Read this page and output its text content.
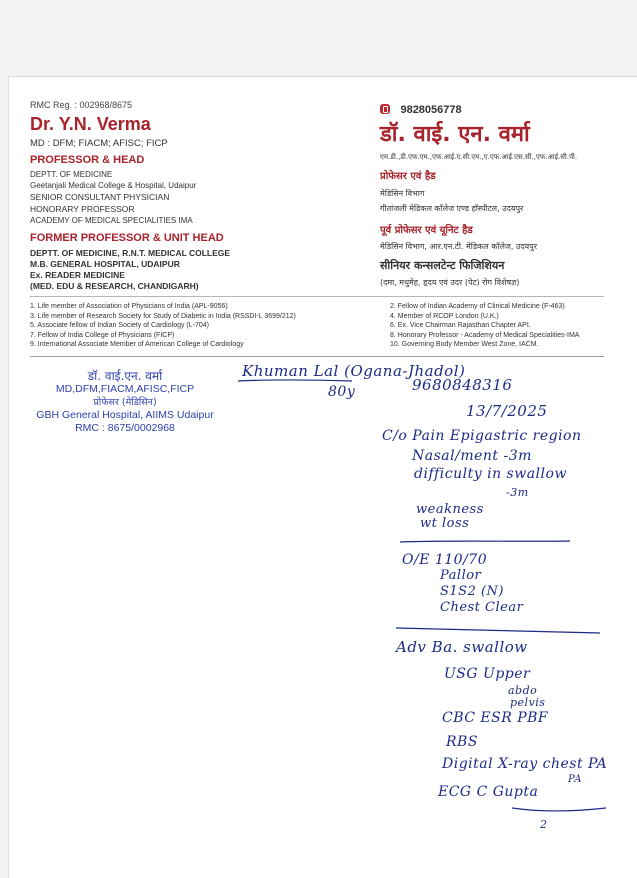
RMC Reg. : 002968/8675
Dr. Y.N. Verma
MD : DFM; FIACM; AFISC; FICP
PROFESSOR & HEAD
DEPTT. OF MEDICINE
Geetanjali Medical College & Hospital, Udaipur
SENIOR CONSULTANT PHYSICIAN
HONORARY PROFESSOR
ACADEMY OF MEDICAL SPECIALITIES IMA
FORMER PROFESSOR & UNIT HEAD
DEPTT. OF MEDICINE, R.N.T. MEDICAL COLLEGE
M.B. GENERAL HOSPITAL, UDAIPUR
Ex. READER MEDICINE
(MED. EDU & RESEARCH, CHANDIGARH)
9828056778
डॉ. वाई. एन. वर्मा
एम.डी.,डी.एफ.एम.,एफ.आई.ए.सी.एम.,ए.एफ.आई.एस.सी.,एफ.आई.सी.पी.
प्रोफेसर एवं हैड
मेडिसिन विभाग
गीतांजली मेडिकल कॉलेज एण्ड हॉस्पीटल, उदयपुर
पूर्व प्रोफेसर एवं यूनिट हैड
मेडिसिन विभाग, आर.एन.टी. मेडिकल कॉलेज, उदयपुर
सीनियर कन्सलटेन्ट फिजिशियन
(दमा, मधुमेह, हृदय एवं उदर (पेट) रोग विशेषज्ञ)
1. Life member of Association of Physicians of India (APL-9056)
3. Life member of Research Society for Study of Diabetic in India (RSSDI-L 3699/212)
5. Associate fellow of Indian Society of Cardiology (L-704)
7. Fellow of India College of Physicians (FICP)
9. International Associate Member of American College of Cardiology
2. Fellow of Indian Academy of Clinical Medicine (F-463)
4. Member of RCOP London (U.K.)
6. Ex. Vice Chairman Rajasthan Chapter API.
8. Honorary Professor - Academy of Medical Specialities-IMA
10. Governing Body Member West Zone, IACM.
डॉ. वाई.एन. वर्मा
MD,DFM,FIACM,AFISC,FICP
प्रोफेसर (मेडिसिन)
GBH General Hospital, AIIMS Udaipur
RMC : 8675/0002968
Khuman Lal (Ogana-Jhadol)
80y	9680848316
13/7/2025
C/o Pain Epigastric region
Nasal/ment -3m
difficulty in swallow
-3m
weakness
wt loss
O/E 110/70
Pallor
S1S2 (N)
Chest Clear
Adv Ba. swallow
USG Upper
abdo
pelvis
CBC ESR PBF
RBS
Digital X-ray chest PA
ECG C Gupta
PA
2
